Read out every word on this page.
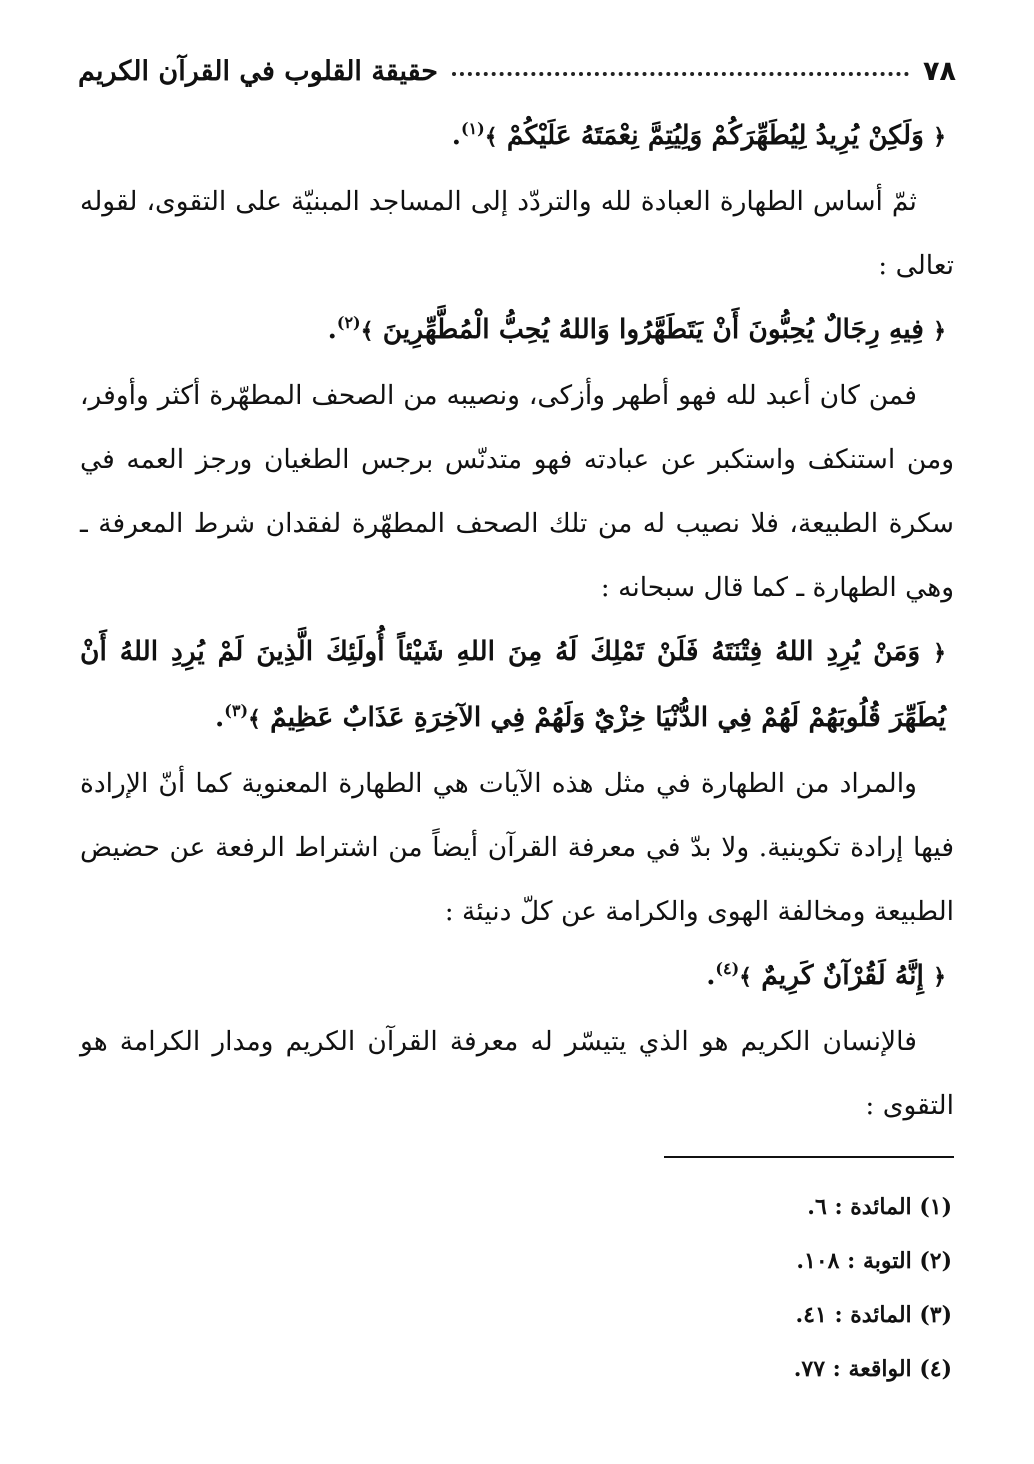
٧٨
حقيقة القلوب في القرآن الكريم

﴿ وَلَكِنْ يُرِيدُ لِيُطَهِّرَكُمْ وَلِيُتِمَّ نِعْمَتَهُ عَلَيْكُمْ ﴾$^{(١)}$.

ثمّ أساس الطهارة العبادة لله والتردّد إلى المساجد المبنيّة على التقوى، لقوله تعالى :

﴿ فِيهِ رِجَالٌ يُحِبُّونَ أَنْ يَتَطَهَّرُوا وَاللهُ يُحِبُّ الْمُطَّهِّرِينَ ﴾$^{(٢)}$.

فمن كان أعبد لله فهو أطهر وأزكى، ونصيبه من الصحف المطهّرة أكثر وأوفر، ومن استنكف واستكبر عن عبادته فهو متدنّس برجس الطغيان ورجز العمه في سكرة الطبيعة، فلا نصيب له من تلك الصحف المطهّرة لفقدان شرط المعرفة ـ وهي الطهارة ـ كما قال سبحانه :

﴿ وَمَنْ يُرِدِ اللهُ فِتْنَتَهُ فَلَنْ تَمْلِكَ لَهُ مِنَ اللهِ شَيْئاً أُولَئِكَ الَّذِينَ لَمْ يُرِدِ اللهُ أَنْ يُطَهِّرَ قُلُوبَهُمْ لَهُمْ فِي الدُّنْيَا خِزْيٌ وَلَهُمْ فِي الآخِرَةِ عَذَابٌ عَظِيمٌ ﴾$^{(٣)}$.

والمراد من الطهارة في مثل هذه الآيات هي الطهارة المعنوية كما أنّ الإرادة فيها إرادة تكوينية. ولا بدّ في معرفة القرآن أيضاً من اشتراط الرفعة عن حضيض الطبيعة ومخالفة الهوى والكرامة عن كلّ دنيئة :

﴿ إِنَّهُ لَقُرْآنٌ كَرِيمٌ ﴾$^{(٤)}$.

فالإنسان الكريم هو الذي يتيسّر له معرفة القرآن الكريم ومدار الكرامة هو التقوى :

(١) المائدة : ٦.
(٢) التوبة : ١٠٨.
(٣) المائدة : ٤١.
(٤) الواقعة : ٧٧.
